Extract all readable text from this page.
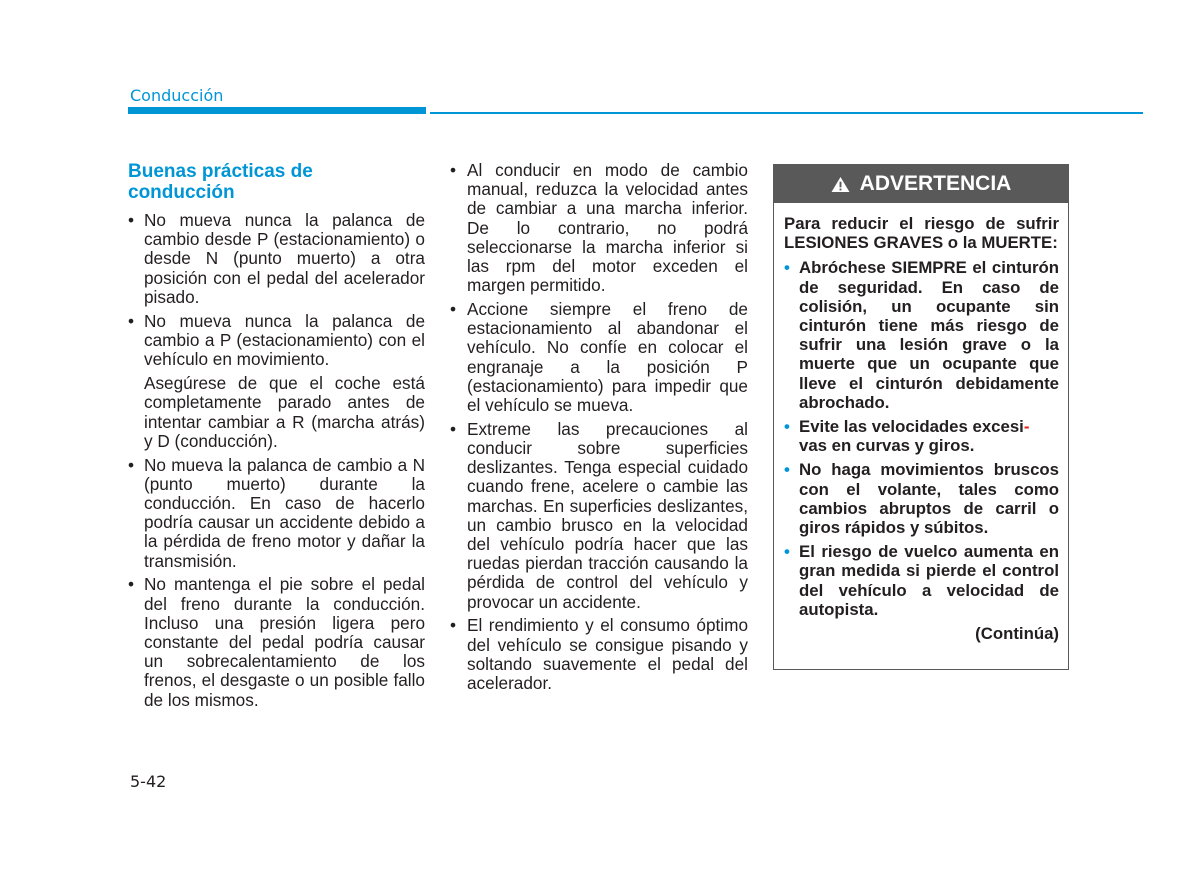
Conducción
Buenas prácticas de
conducción
• No mueva nunca la palanca de cambio desde P (estacionamiento) o desde N (punto muerto) a otra posición con el pedal del acelerador pisado.
• No mueva nunca la palanca de cambio a P (estacionamiento) con el vehículo en movimiento.

Asegúrese de que el coche está completamente parado antes de intentar cambiar a R (marcha atrás) y D (conducción).

• No mueva la palanca de cambio a N (punto muerto) durante la conducción. En caso de hacerlo podría causar un accidente debido a la pérdida de freno motor y dañar la transmisión.
• No mantenga el pie sobre el pedal del freno durante la conducción. Incluso una presión ligera pero constante del pedal podría causar un sobrecalentamiento de los frenos, el desgaste o un posible fallo de los mismos.
• Al conducir en modo de cambio manual, reduzca la velocidad antes de cambiar a una marcha inferior. De lo contrario, no podrá seleccionarse la marcha inferior si las rpm del motor exceden el margen permitido.
• Accione siempre el freno de estacionamiento al abandonar el vehículo. No confíe en colocar el engranaje a la posición P (estacionamiento) para impedir que el vehículo se mueva.
• Extreme las precauciones al conducir sobre superficies deslizantes. Tenga especial cuidado cuando frene, acelere o cambie las marchas. En superficies deslizantes, un cambio brusco en la velocidad del vehículo podría hacer que las ruedas pierdan tracción causando la pérdida de control del vehículo y provocar un accidente.
• El rendimiento y el consumo óptimo del vehículo se consigue pisando y soltando suavemente el pedal del acelerador.
ADVERTENCIA

Para reducir el riesgo de sufrir LESIONES GRAVES o la MUERTE:

• Abróchese SIEMPRE el cinturón de seguridad. En caso de colisión, un ocupante sin cinturón tiene más riesgo de sufrir una lesión grave o la muerte que un ocupante que lleve el cinturón debidamente abrochado.
• Evite las velocidades excesi-
vas en curvas y giros.
• No haga movimientos bruscos con el volante, tales como cambios abruptos de carril o giros rápidos y súbitos.
• El riesgo de vuelco aumenta en gran medida si pierde el control del vehículo a velocidad de autopista.
(Continúa)
5-42
